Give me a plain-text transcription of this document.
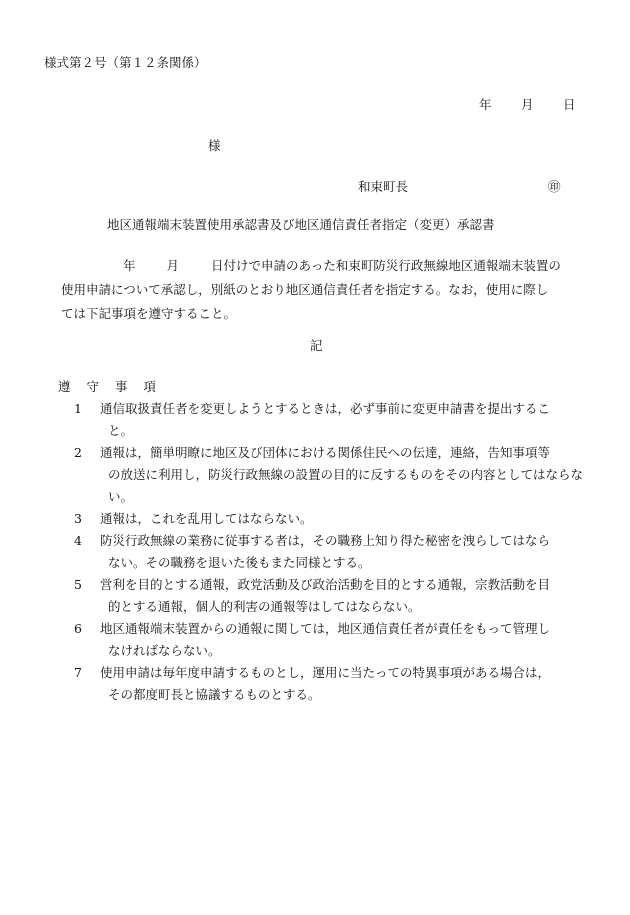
様式第２号（第１２条関係）
年 月 日
様
和束町長	㊞
地区通報端末装置使用承認書及び地区通信責任者指定（変更）承認書

年 月	日付けで申請のあった和束町防災行政無線地区通報端末装置の

使用申請について承認し，別紙のとおり地区通信責任者を指定する。なお，使用に際し

ては下記事項を遵守すること。

記
遵 守 事 項
1	通信取扱責任者を変更しようとするときは，必ず事前に変更申請書を提出するこ
と。
2	通報は，簡単明瞭に地区及び団体における関係住民への伝達，連絡，告知事項等
の放送に利用し，防災行政無線の設置の目的に反するものをその内容としてはならない。
3	通報は，これを乱用してはならない。
4	防災行政無線の業務に従事する者は，その職務上知り得た秘密を洩らしてはなら
ない。その職務を退いた後もまた同様とする。
5	営利を目的とする通報，政党活動及び政治活動を目的とする通報，宗教活動を目
的とする通報，個人的利害の通報等はしてはならない。
6	地区通報端末装置からの通報に関しては，地区通信責任者が責任をもって管理し
なければならない。
7	使用申請は毎年度申請するものとし，運用に当たっての特異事項がある場合は，
その都度町長と協議するものとする。
